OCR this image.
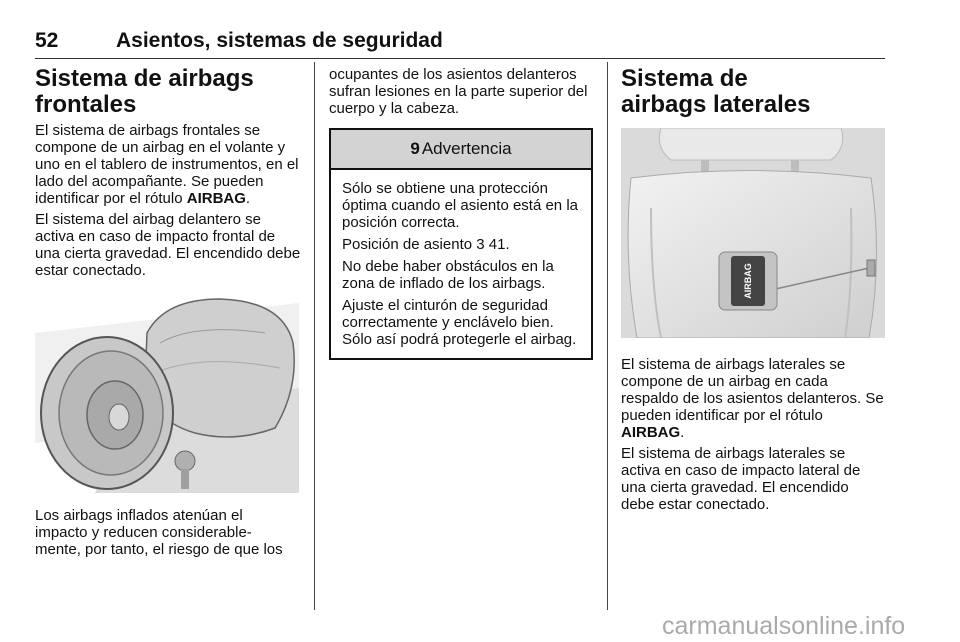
52	Asientos, sistemas de seguridad
Sistema de airbags frontales

El sistema de airbags frontales se compone de un airbag en el volante y uno en el tablero de instrumentos, en el lado del acompañante. Se pueden identificar por el rótulo AIRBAG.

El sistema del airbag delantero se activa en caso de impacto frontal de una cierta gravedad. El encendido debe estar conectado.

Los airbags inflados atenúan el impacto y reducen considerable‑ mente, por tanto, el riesgo de que los

ocupantes de los asientos delanteros sufran lesiones en la parte superior del cuerpo y la cabeza.

9 Advertencia

Sólo se obtiene una protección óptima cuando el asiento está en la posición correcta.

Posición de asiento 3 41.

No debe haber obstáculos en la zona de inflado de los airbags.

Ajuste el cinturón de seguridad correctamente y enclávelo bien. Sólo así podrá protegerle el airbag.

Sistema de airbags laterales
AIRBAG

El sistema de airbags laterales se compone de un airbag en cada respaldo de los asientos delanteros. Se pueden identificar por el rótulo AIRBAG.

El sistema de airbags laterales se activa en caso de impacto lateral de una cierta gravedad. El encendido debe estar conectado.

carmanualsonline.info
